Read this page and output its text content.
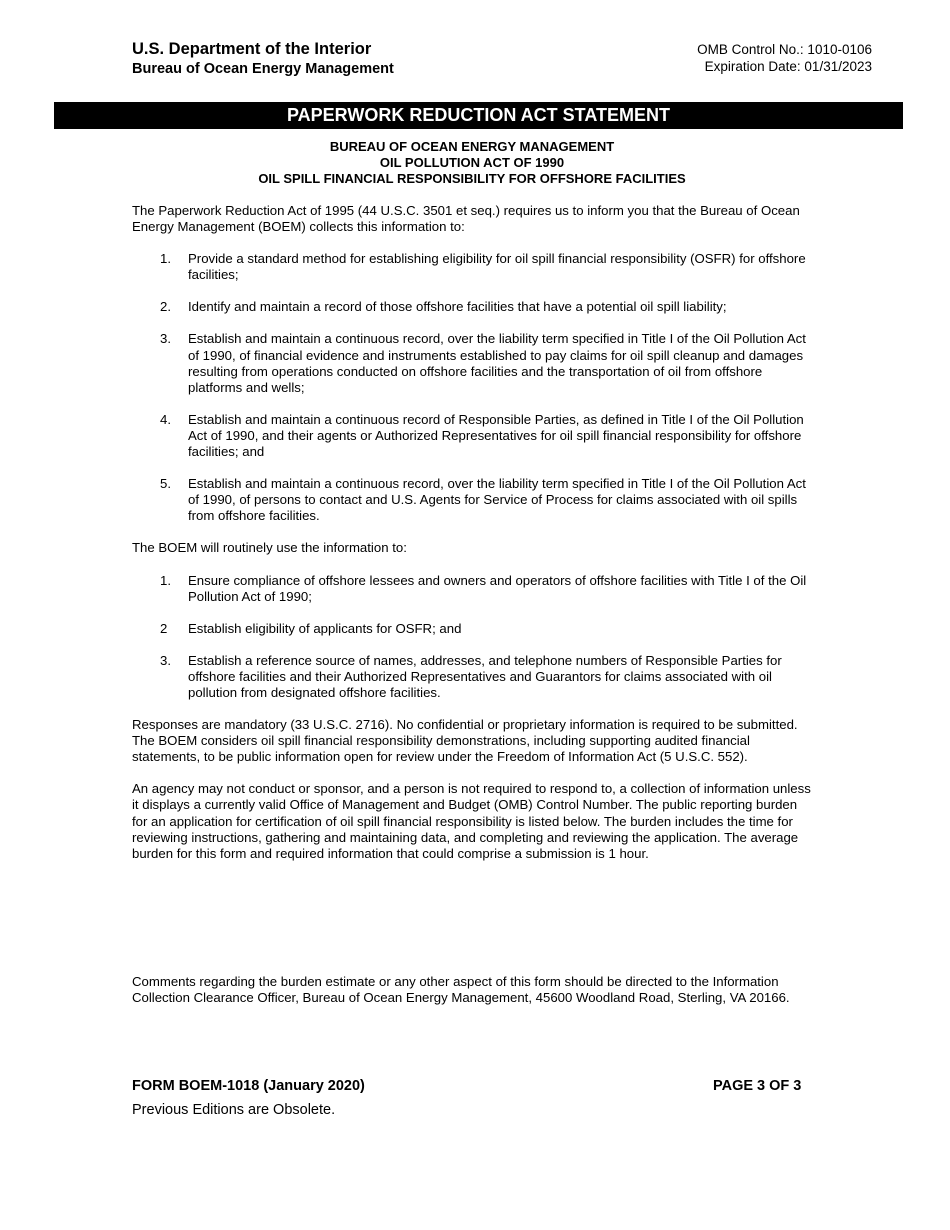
U.S. Department of the Interior
Bureau of Ocean Energy Management
OMB Control No.: 1010-0106
Expiration Date: 01/31/2023
PAPERWORK REDUCTION ACT STATEMENT
BUREAU OF OCEAN ENERGY MANAGEMENT
OIL POLLUTION ACT OF 1990
OIL SPILL FINANCIAL RESPONSIBILITY FOR OFFSHORE FACILITIES

The Paperwork Reduction Act of 1995 (44 U.S.C. 3501 et seq.) requires us to inform you that the Bureau of Ocean Energy Management (BOEM) collects this information to:

1.	Provide a standard method for establishing eligibility for oil spill financial responsibility (OSFR) for offshore facilities;
2.	Identify and maintain a record of those offshore facilities that have a potential oil spill liability;
3.	Establish and maintain a continuous record, over the liability term specified in Title I of the Oil Pollution Act of 1990, of financial evidence and instruments established to pay claims for oil spill cleanup and damages resulting from operations conducted on offshore facilities and the transportation of oil from offshore platforms and wells;
4.	Establish and maintain a continuous record of Responsible Parties, as defined in Title I of the Oil Pollution Act of 1990, and their agents or Authorized Representatives for oil spill financial responsibility for offshore facilities; and
5.	Establish and maintain a continuous record, over the liability term specified in Title I of the Oil Pollution Act of 1990, of persons to contact and U.S. Agents for Service of Process for claims associated with oil spills from offshore facilities.

The BOEM will routinely use the information to:

1.	Ensure compliance of offshore lessees and owners and operators of offshore facilities with Title I of the Oil Pollution Act of 1990;
2	Establish eligibility of applicants for OSFR; and
3.	Establish a reference source of names, addresses, and telephone numbers of Responsible Parties for offshore facilities and their Authorized Representatives and Guarantors for claims associated with oil pollution from designated offshore facilities.

Responses are mandatory (33 U.S.C. 2716). No confidential or proprietary information is required to be submitted. The BOEM considers oil spill financial responsibility demonstrations, including supporting audited financial statements, to be public information open for review under the Freedom of Information Act (5 U.S.C. 552).

An agency may not conduct or sponsor, and a person is not required to respond to, a collection of information unless it displays a currently valid Office of Management and Budget (OMB) Control Number. The public reporting burden for an application for certification of oil spill financial responsibility is listed below. The burden includes the time for reviewing instructions, gathering and maintaining data, and completing and reviewing the application. The average burden for this form and required information that could comprise a submission is 1 hour.

Comments regarding the burden estimate or any other aspect of this form should be directed to the Information Collection Clearance Officer, Bureau of Ocean Energy Management, 45600 Woodland Road, Sterling, VA 20166.

FORM BOEM-1018 (January 2020)	PAGE 3 OF 3
Previous Editions are Obsolete.
